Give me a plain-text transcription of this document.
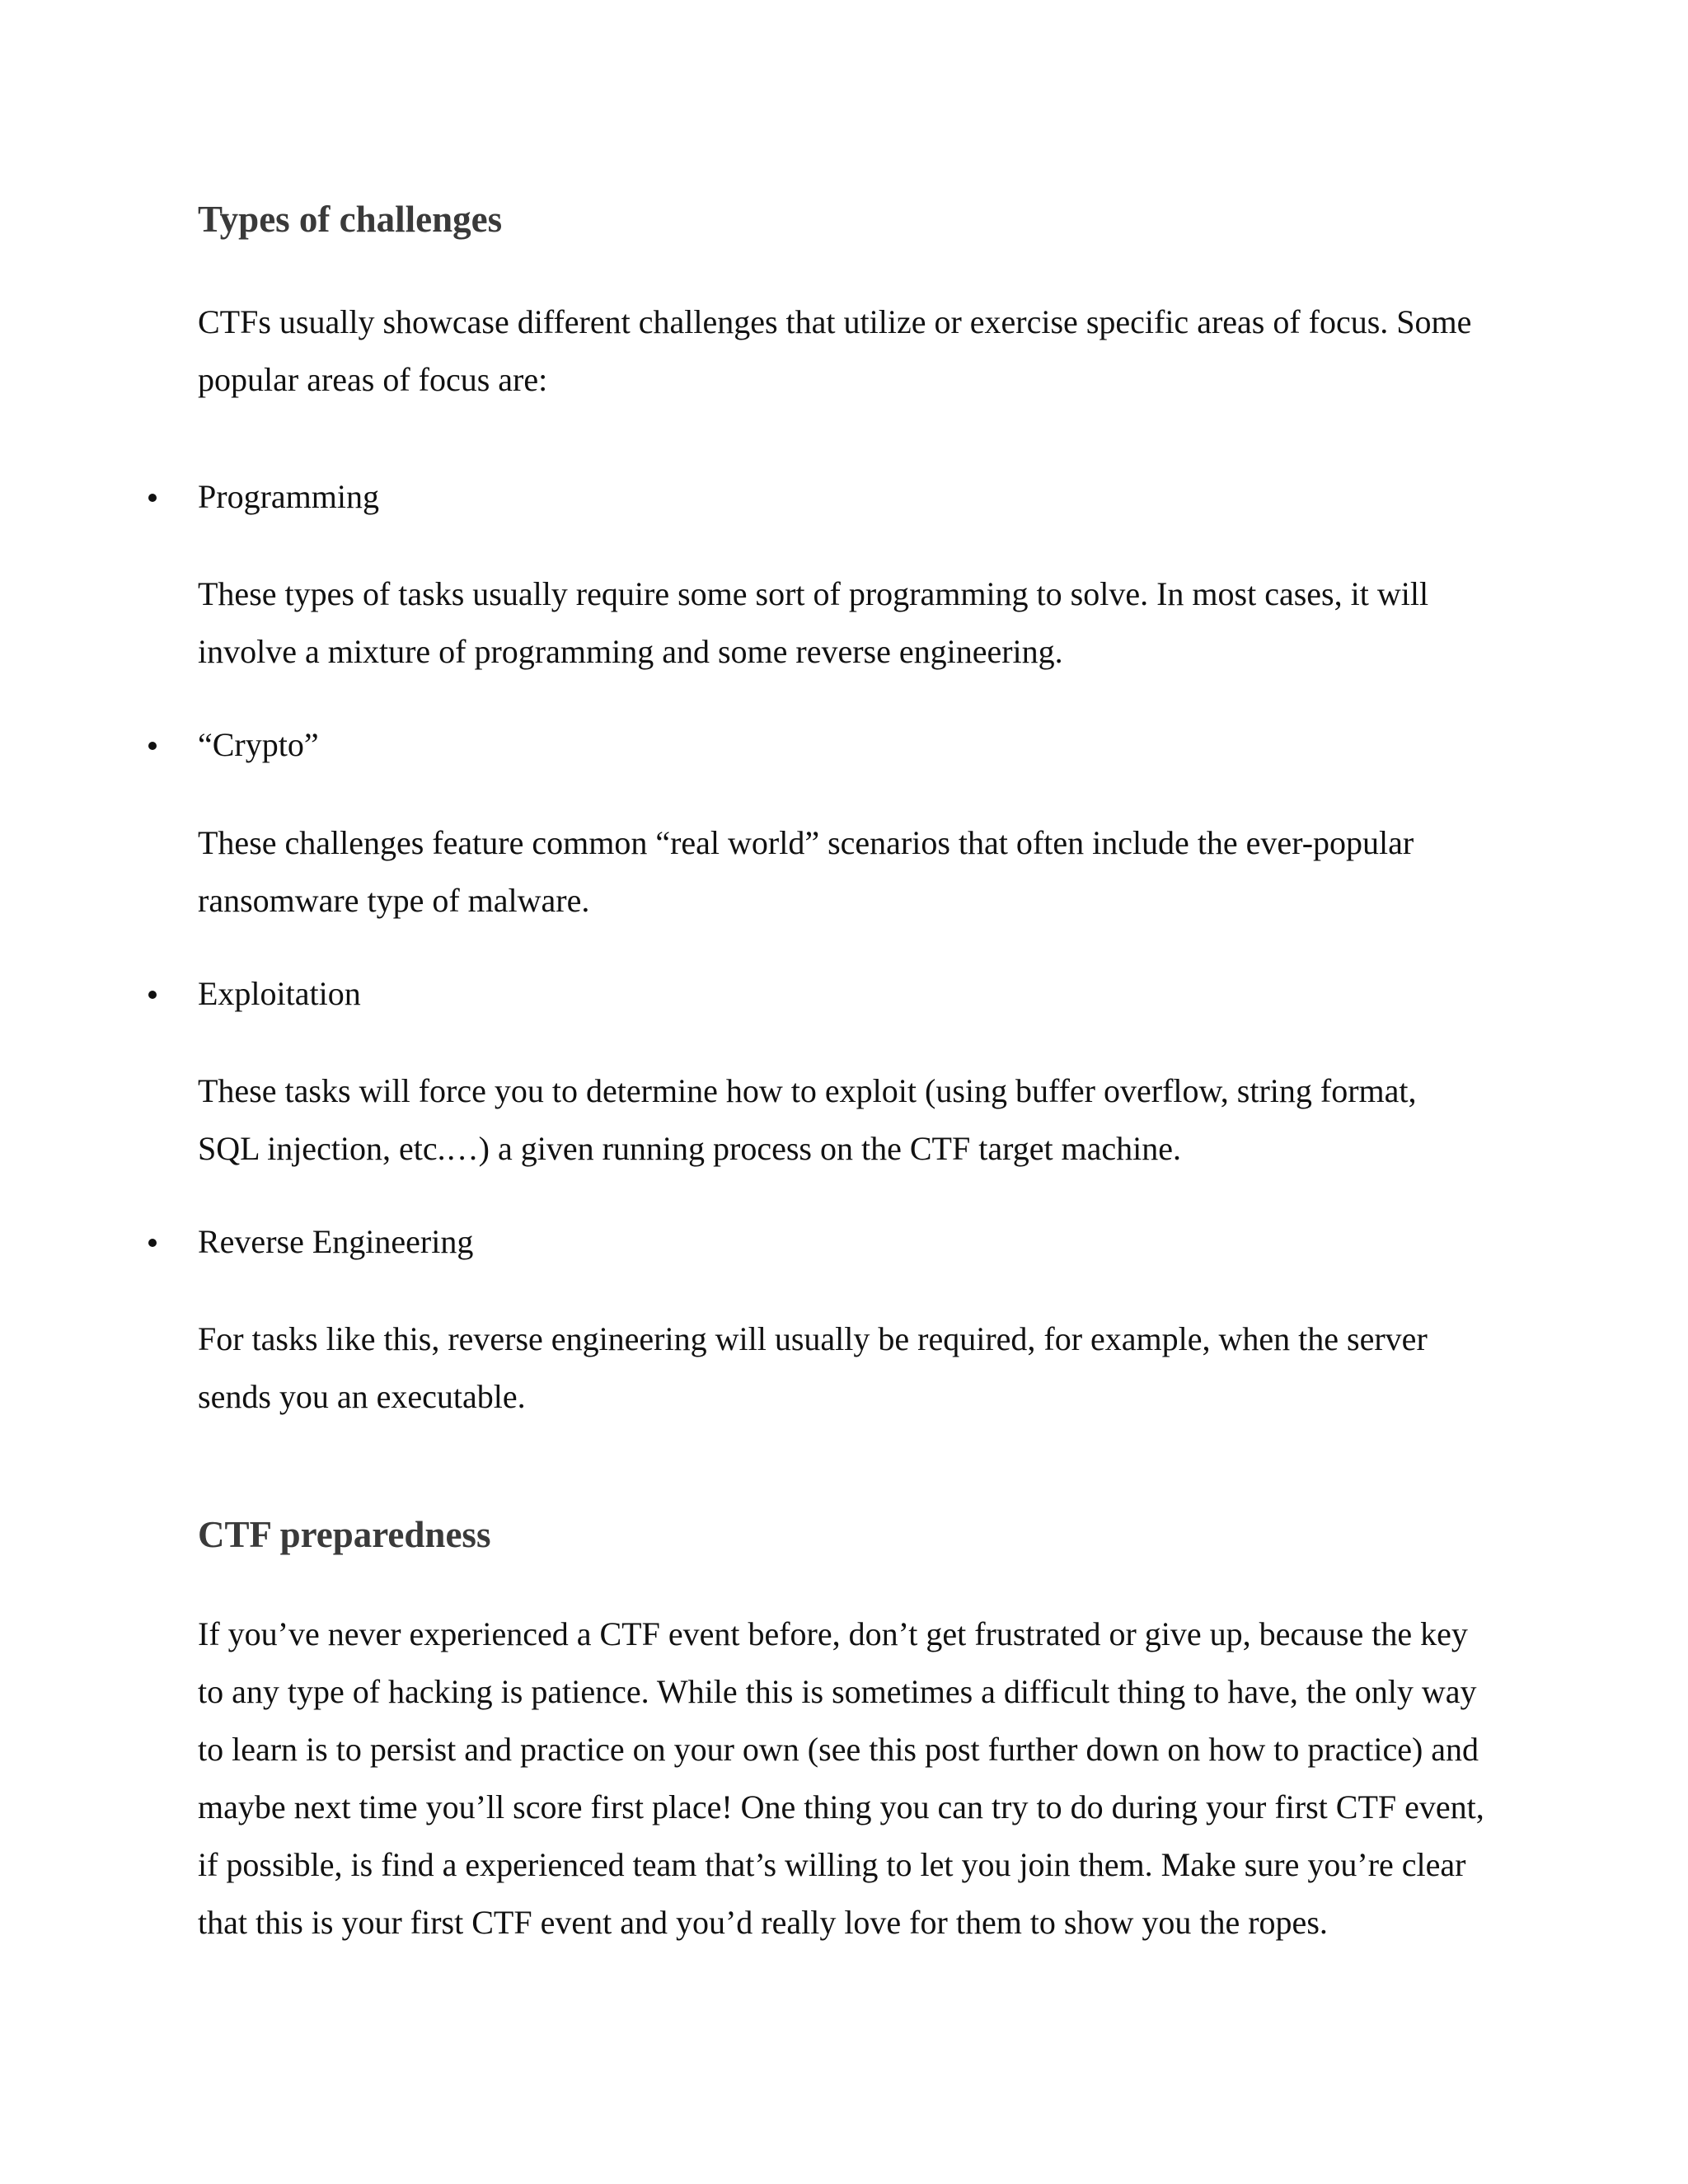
Types of challenges

CTFs usually showcase different challenges that utilize or exercise specific areas of focus. Some popular areas of focus are:

Programming

These types of tasks usually require some sort of programming to solve. In most cases, it will involve a mixture of programming and some reverse engineering.

“Crypto”

These challenges feature common “real world” scenarios that often include the ever-popular ransomware type of malware.

Exploitation

These tasks will force you to determine how to exploit (using buffer overflow, string format, SQL injection, etc.…) a given running process on the CTF target machine.

Reverse Engineering

For tasks like this, reverse engineering will usually be required, for example, when the server sends you an executable.

CTF preparedness

If you’ve never experienced a CTF event before, don’t get frustrated or give up, because the key to any type of hacking is patience. While this is sometimes a difficult thing to have, the only way to learn is to persist and practice on your own (see this post further down on how to practice) and maybe next time you’ll score first place! One thing you can try to do during your first CTF event, if possible, is find a experienced team that’s willing to let you join them. Make sure you’re clear that this is your first CTF event and you’d really love for them to show you the ropes.
